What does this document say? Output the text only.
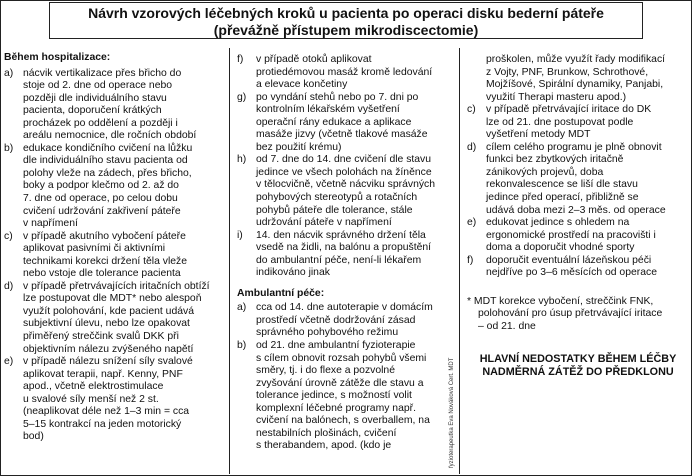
Návrh vzorových léčebných kroků u pacienta po operaci disku bederní páteře
(převážně přístupem mikrodiscectomie)
Během hospitalizace:
a) nácvik vertikalizace přes břicho do
stoje od 2. dne od operace nebo
později dle individuálního stavu
pacienta, doporučení krátkých
procházek po oddělení a později i
areálu nemocnice, dle ročních období
b) edukace kondičního cvičení na lůžku
dle individuálního stavu pacienta od
polohy vleže na zádech, přes břicho,
boky a podpor klečmo od 2. až do
7. dne od operace, po celou dobu
cvičení udržování zakřivení páteře
v napřímení
c) v případě akutního vybočení páteře
aplikovat pasivními či aktivními
technikami korekci držení těla vleže
nebo vstoje dle tolerance pacienta
d) v případě přetrvávajících iritačních obtíží
lze postupovat dle MDT* nebo alespoň
využít polohování, kde pacient udává
subjektivní úlevu, nebo lze opakovat
přiměřený streččink svalů DKK při
objektivním nálezu zvýšeného napětí
e) v případě nálezu snížení síly svalové
aplikovat terapii, např. Kenny, PNF
apod., včetně elektrostimulace
u svalové síly menší než 2 st.
(neaplikovat déle než 1–3 min = cca
5–15 kontrakcí na jeden motorický
bod)
f)	v případě otoků aplikovat
protiedémovou masáž kromě ledování
a elevace končetiny
g) po vyndání stehů nebo po 7. dni po
kontrolním lékařském vyšetření
operační rány edukace a aplikace
masáže jizvy (včetně tlakové masáže
bez použití krému)
h) od 7. dne do 14. dne cvičení dle stavu
jedince ve všech polohách na žíněnce
v tělocvičně, včetně nácviku správných
pohybových stereotypů a rotačních
pohybů páteře dle tolerance, stále
udržování páteře v napřímení
i)	14. den nácvik správného držení těla
vsedě na židli, na balónu a propuštění
do ambulantní péče, není-li lékařem
indikováno jinak
Ambulantní péče:
a) cca od 14. dne autoterapie v domácím
prostředí včetně dodržování zásad
správného pohybového režimu
b) od 21. dne ambulantní fyzioterapie
s cílem obnovit rozsah pohybů všemi
směry, tj. i do flexe a pozvolné
zvyšování úrovně zátěže dle stavu a
tolerance jedince, s možností volit
komplexní léčebné programy např.
cvičení na balónech, s overballem, na
nestabilních plošinách, cvičení
s therabandem, apod. (kdo je	fyzioterapeutka Eva Nováková Cert. MDT
proškolen, může využít řady modifikací
z Vojty, PNF, Brunkow, Schrothové,
Mojžíšové, Spirální dynamiky, Panjabi,
využití Therapi masteru apod.)
c) v případě přetrvávající iritace do DK
lze od 21. dne postupovat podle
vyšetření metody MDT
d) cílem celého programu je plně obnovit
funkci bez zbytkových iritačně
zánikových projevů, doba
rekonvalescence se liší dle stavu
jedince před operací, přibližně se
udává doba mezi 2–3 měs. od operace
e) edukovat jedince s ohledem na
ergonomické prostředí na pracovišti i
doma a doporučit vhodné sporty
f)	doporučit eventuální lázeňskou péči
nejdříve po 3–6 měsících od operace
* MDT korekce vybočení, streččink FNK,
polohování pro úsup přetrvávající iritace
– od 21. dne
HLAVNÍ NEDOSTATKY BĚHEM LÉČBY
NADMĚRNÁ ZÁTĚŽ DO PŘEDKLONU
